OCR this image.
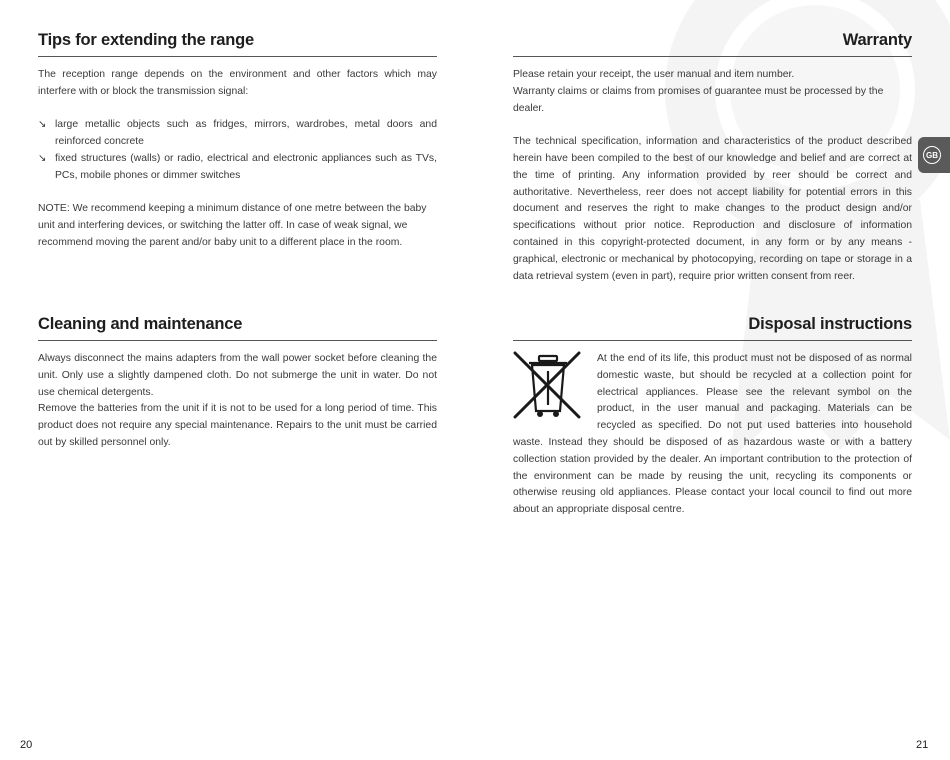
Tips for extending the range

The reception range depends on the environment and other factors which may interfere with or block the transmission signal:

↘ large metallic objects such as fridges, mirrors, wardrobes, metal doors and reinforced concrete
↘ fixed structures (walls) or radio, electrical and electronic appliances such as TVs, PCs, mobile phones or dimmer switches

NOTE: We recommend keeping a minimum distance of one metre between the baby unit and interfering devices, or switching the latter off. In case of weak signal, we recommend moving the parent and/or baby unit to a different place in the room.

Cleaning and maintenance

Always disconnect the mains adapters from the wall power socket before cleaning the unit. Only use a slightly dampened cloth. Do not submerge the unit in water. Do not use chemical detergents.

Remove the batteries from the unit if it is not to be used for a long period of time. This product does not require any special maintenance. Repairs to the unit must be carried out by skilled personnel only.

Warranty

Please retain your receipt, the user manual and item number.

Warranty claims or claims from promises of guarantee must be processed by the dealer.

The technical specification, information and characteristics of the product described herein have been compiled to the best of our knowledge and belief and are correct at the time of printing. Any information provided by reer should be correct and authoritative. Nevertheless, reer does not accept liability for potential errors in this document and reserves the right to make changes to the product design and/or specifications without prior notice. Reproduction and disclosure of information contained in this copyright-protected document, in any form or by any means - graphical, electronic or mechanical by photocopying, recording on tape or storage in a data retrieval system (even in part), require prior written consent from reer.

Disposal instructions

At the end of its life, this product must not be disposed of as normal domestic waste, but should be recycled at a collection point for electrical appliances. Please see the relevant symbol on the product, in the user manual and packaging. Materials can be recycled as specified. Do not put used batteries into household waste. Instead they should be disposed of as hazardous waste or with a battery collection station provided by the dealer. An important contribution to the protection of the environment can be made by reusing the unit, recycling its components or otherwise reusing old appliances. Please contact your local council to find out more about an appropriate disposal centre.

GB
20	21
